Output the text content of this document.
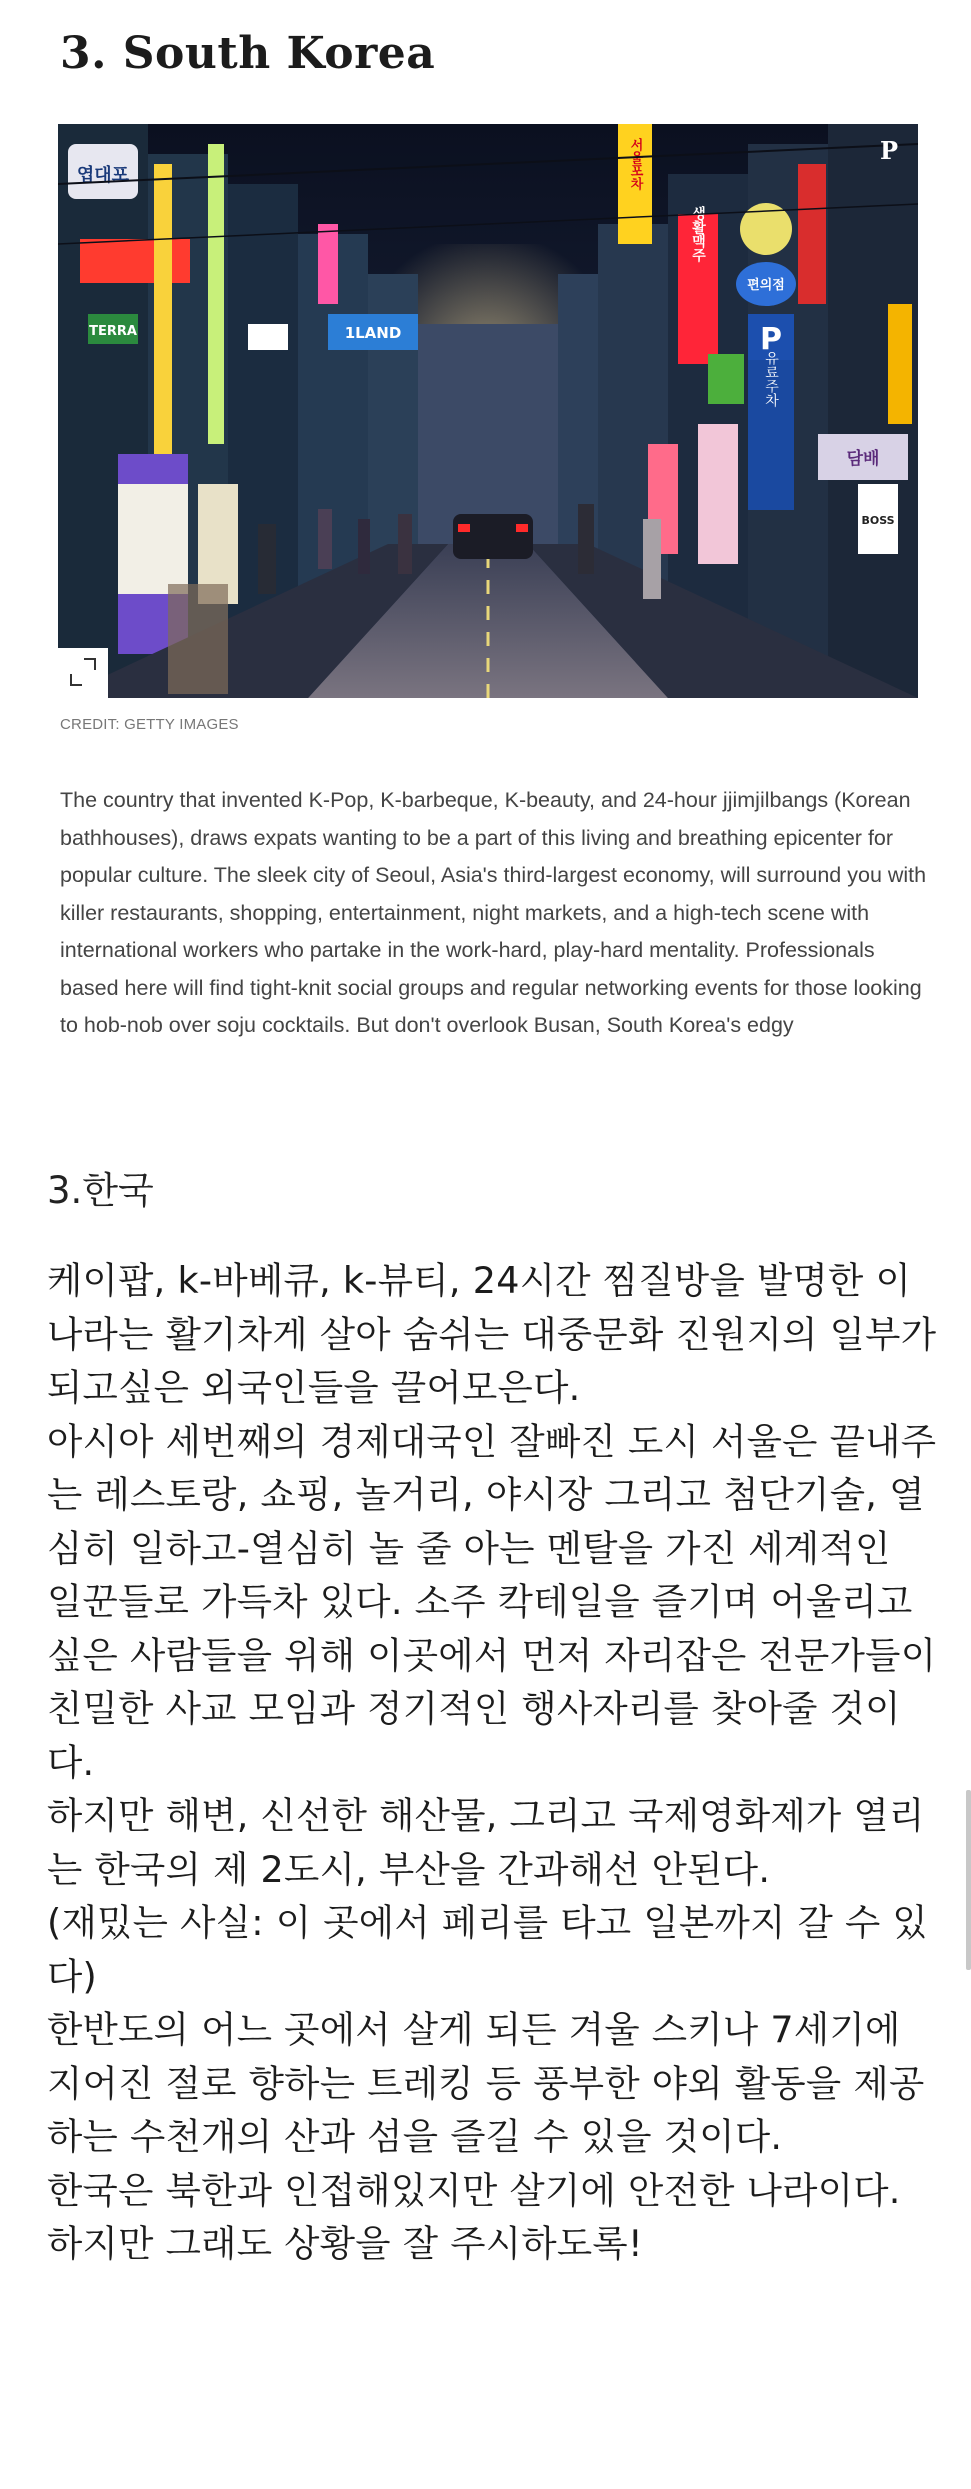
3. South Korea
엽대포
TERRA	1LAND
서울포차
생활맥주
편의점
P
유료주차
담배
BOSS
P
CREDIT: GETTY IMAGES
The country that invented K-Pop, K-barbeque, K-beauty, and 24-hour jjimjilbangs (Korean bathhouses), draws expats wanting to be a part of this living and breathing epicenter for popular culture. The sleek city of Seoul, Asia's third-largest economy, will surround you with killer restaurants, shopping, entertainment, night markets, and a high-tech scene with international workers who partake in the work-hard, play-hard mentality. Professionals based here will find tight-knit social groups and regular networking events for those looking to hob-nob over soju cocktails. But don't overlook Busan, South Korea's edgy
3.한국

케이팝, k-바베큐, k-뷰티, 24시간 찜질방을 발명한 이 나라는 활기차게 살아 숨쉬는 대중문화 진원지의 일부가 되고싶은 외국인들을 끌어모은다.

아시아 세번째의 경제대국인 잘빠진 도시 서울은 끝내주는 레스토랑, 쇼핑, 놀거리, 야시장 그리고 첨단기술, 열심히 일하고-열심히 놀 줄 아는 멘탈을 가진 세계적인 일꾼들로 가득차 있다. 소주 칵테일을 즐기며 어울리고 싶은 사람들을 위해 이곳에서 먼저 자리잡은 전문가들이 친밀한 사교 모임과 정기적인 행사자리를 찾아줄 것이다.

하지만 해변, 신선한 해산물, 그리고 국제영화제가 열리는 한국의 제 2도시, 부산을 간과해선 안된다.

(재밌는 사실: 이 곳에서 페리를 타고 일본까지 갈 수 있다)

한반도의 어느 곳에서 살게 되든 겨울 스키나 7세기에 지어진 절로 향하는 트레킹 등 풍부한 야외 활동을 제공하는 수천개의 산과 섬을 즐길 수 있을 것이다.

한국은 북한과 인접해있지만 살기에 안전한 나라이다. 하지만 그래도 상황을 잘 주시하도록!
